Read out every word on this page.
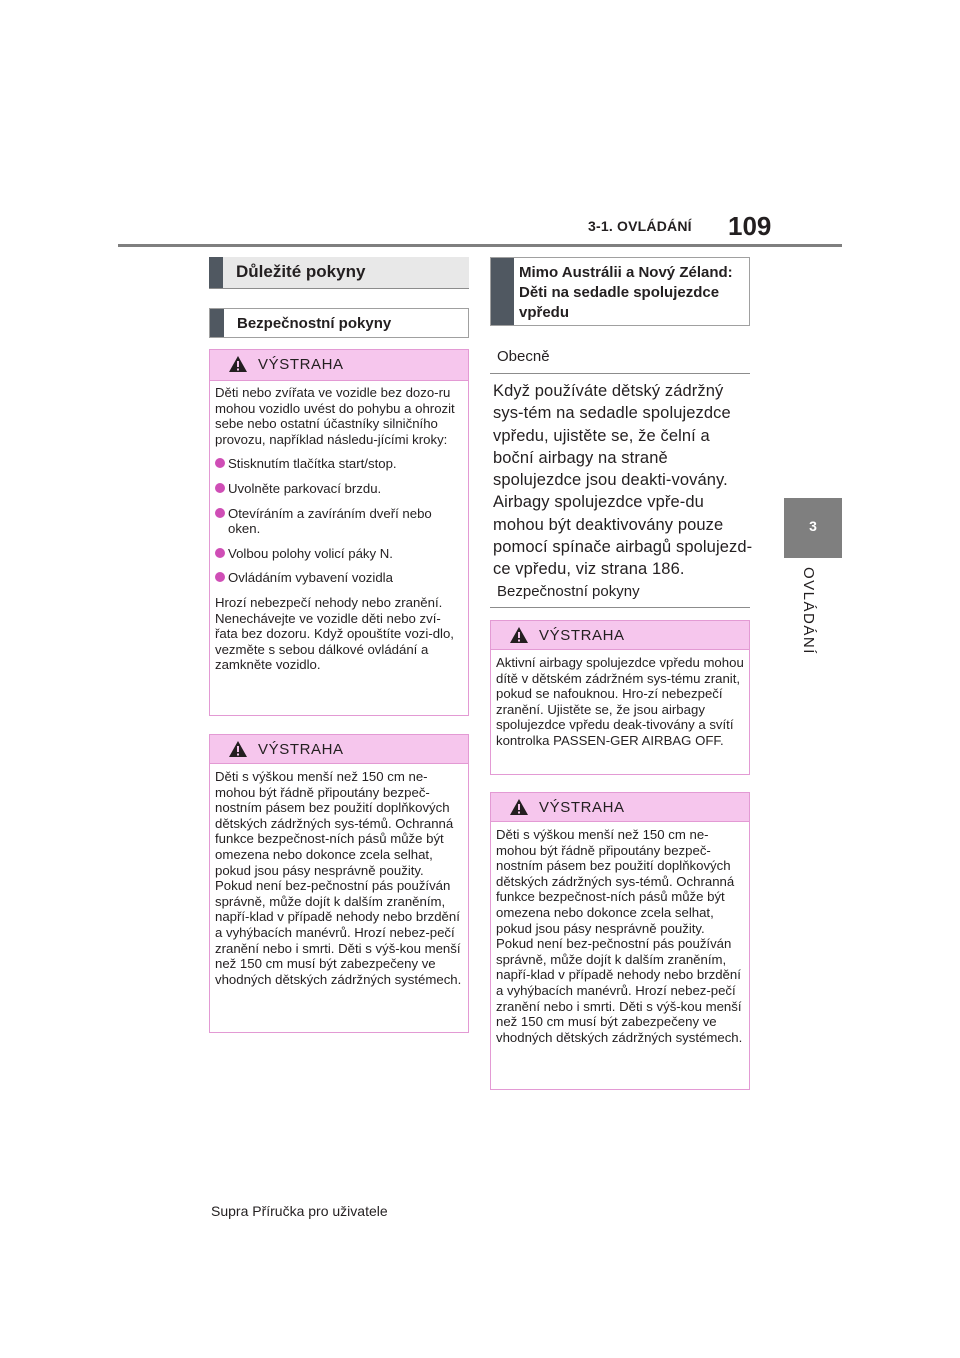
3-1. OVLÁDÁNÍ 109
3
OVLÁDÁNÍ
Důležité pokyny
Bezpečnostní pokyny
VÝSTRAHA

Děti nebo zvířata ve vozidle bez dozo-ru mohou vozidlo uvést do pohybu a ohrozit sebe nebo ostatní účastníky silničního provozu, například následu-jícími kroky:

Stisknutím tlačítka start/stop.
Uvolněte parkovací brzdu.
Otevíráním a zavíráním dveří nebo oken.
Volbou polohy volicí páky N.
Ovládáním vybavení vozidla

Hrozí nebezpečí nehody nebo zranění. Nenechávejte ve vozidle děti nebo zví-řata bez dozoru. Když opouštíte vozi-dlo, vezměte s sebou dálkové ovládání a zamkněte vozidlo.

VÝSTRAHA

Děti s výškou menší než 150 cm ne-mohou být řádně připoutány bezpeč-nostním pásem bez použití doplňkových dětských zádržných sys-témů. Ochranná funkce bezpečnost-ních pásů může být omezena nebo dokonce zcela selhat, pokud jsou pásy nesprávně použity. Pokud není bez-pečnostní pás používán správně, může dojít k dalším zraněním, napří-klad v případě nehody nebo brzdění a vyhýbacích manévrů. Hrozí nebez-pečí zranění nebo i smrti. Děti s výš-kou menší než 150 cm musí být zabezpečeny ve vhodných dětských zádržných systémech.

Mimo Austrálii a Nový Zéland: Děti na sedadle spolujezdce vpředu
Obecně
Když používáte dětský zádržný sys-tém na sedadle spolujezdce vpředu, ujistěte se, že čelní a boční airbagy na straně spolujezdce jsou deakti-vovány. Airbagy spolujezdce vpře-du mohou být deaktivovány pouze pomocí spínače airbagů spolujezd-ce vpředu, viz strana 186.
Bezpečnostní pokyny
VÝSTRAHA

Aktivní airbagy spolujezdce vpředu mohou dítě v dětském zádržném sys-tému zranit, pokud se nafouknou. Hro-zí nebezpečí zranění. Ujistěte se, že jsou airbagy spolujezdce vpředu deak-tivovány a svítí kontrolka PASSEN-GER AIRBAG OFF.

VÝSTRAHA

Děti s výškou menší než 150 cm ne-mohou být řádně připoutány bezpeč-nostním pásem bez použití doplňkových dětských zádržných sys-témů. Ochranná funkce bezpečnost-ních pásů může být omezena nebo dokonce zcela selhat, pokud jsou pásy nesprávně použity. Pokud není bez-pečnostní pás používán správně, může dojít k dalším zraněním, napří-klad v případě nehody nebo brzdění a vyhýbacích manévrů. Hrozí nebez-pečí zranění nebo i smrti. Děti s výš-kou menší než 150 cm musí být zabezpečeny ve vhodných dětských zádržných systémech.

Supra Příručka pro uživatele
